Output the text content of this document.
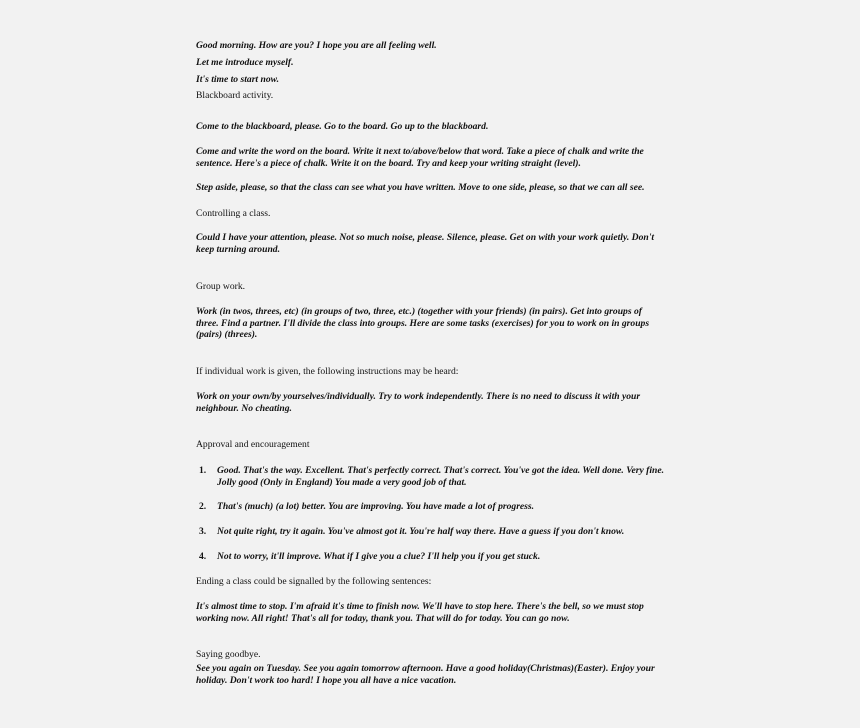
Good morning. How are you? I hope you are all feeling well.

Let me introduce myself.

It's time to start now.

Blackboard activity.

Come to the blackboard, please. Go to the board. Go up to the blackboard.

Come and write the word on the board. Write it next to/above/below that word. Take a piece of chalk and write the sentence. Here's a piece of chalk. Write it on the board. Try and keep your writing straight (level).

Step aside, please, so that the class can see what you have written. Move to one side, please, so that we can all see.

Controlling a class.

Could I have your attention, please. Not so much noise, please. Silence, please. Get on with your work quietly. Don't keep turning around.

Group work.

Work (in twos, threes, etc) (in groups of two, three, etc.) (together with your friends) (in pairs). Get into groups of three. Find a partner. I'll divide the class into groups. Here are some tasks (exercises) for you to work on in groups (pairs) (threes).

If individual work is given, the following instructions may be heard:

Work on your own/by yourselves/individually. Try to work independently. There is no need to discuss it with your neighbour. No cheating.

Approval and encouragement

1.	Good. That's the way. Excellent. That's perfectly correct. That's correct. You've got the idea. Well done. Very fine. Jolly good (Only in England) You made a very good job of that.

2.	That's (much) (a lot) better. You are improving. You have made a lot of progress.

3.	Not quite right, try it again. You've almost got it. You're half way there. Have a guess if you don't know.

4.	Not to worry, it'll improve. What if I give you a clue? I'll help you if you get stuck.

Ending a class could be signalled by the following sentences:

It's almost time to stop. I'm afraid it's time to finish now. We'll have to stop here. There's the bell, so we must stop working now. All right! That's all for today, thank you. That will do for today. You can go now.

Saying goodbye.

See you again on Tuesday. See you again tomorrow afternoon. Have a good holiday(Christmas)(Easter). Enjoy your holiday. Don't work too hard! I hope you all have a nice vacation.
